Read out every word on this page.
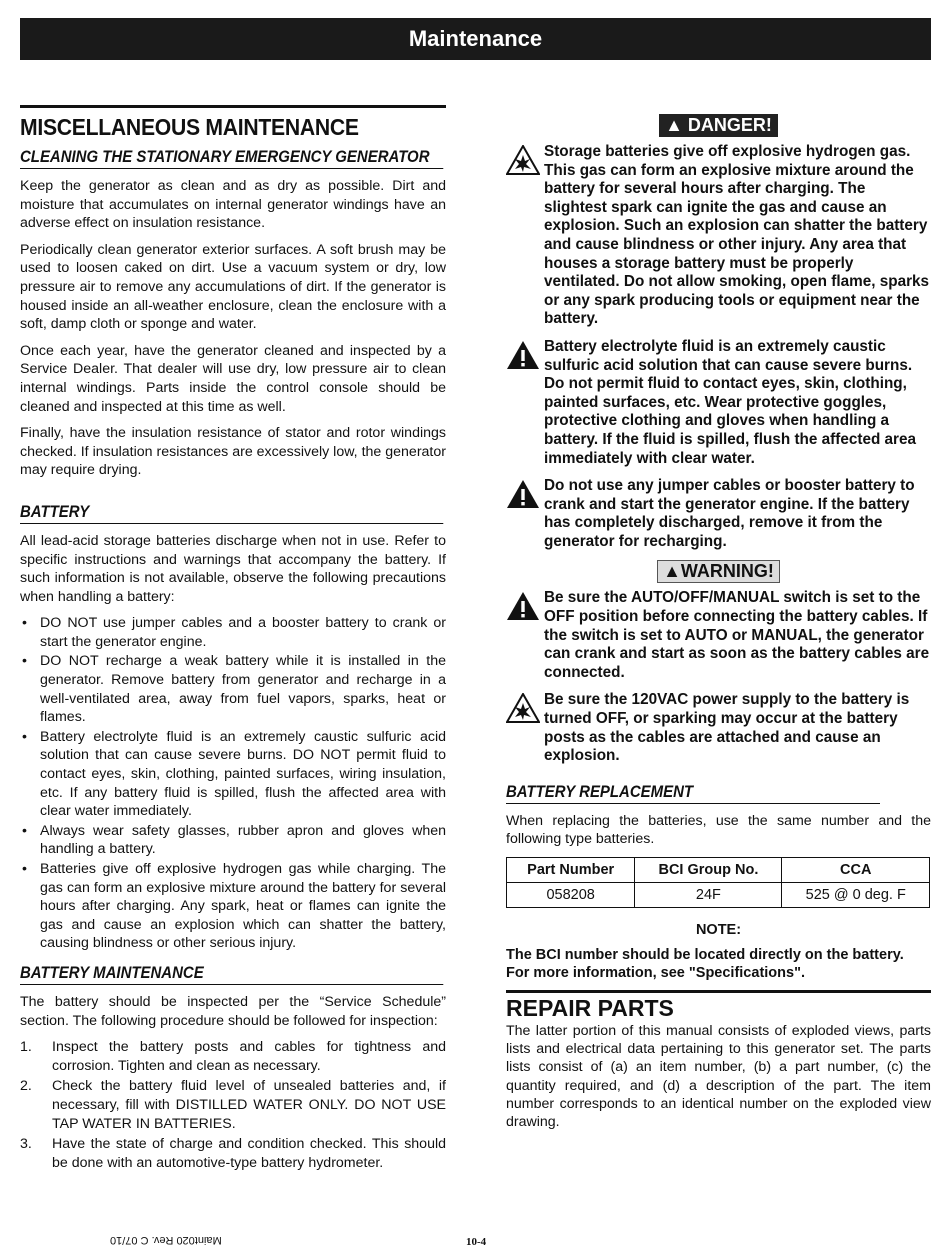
Maintenance
MISCELLANEOUS MAINTENANCE
CLEANING THE STATIONARY EMERGENCY GENERATOR

Keep the generator as clean and as dry as possible. Dirt and moisture that accumulates on internal generator windings have an adverse effect on insulation resistance.

Periodically clean generator exterior surfaces. A soft brush may be used to loosen caked on dirt. Use a vacuum system or dry, low pressure air to remove any accumulations of dirt. If the generator is housed inside an all-weather enclosure, clean the enclosure with a soft, damp cloth or sponge and water.

Once each year, have the generator cleaned and inspected by a Service Dealer. That dealer will use dry, low pressure air to clean internal windings. Parts inside the control console should be cleaned and inspected at this time as well.

Finally, have the insulation resistance of stator and rotor windings checked. If insulation resistances are excessively low, the generator may require drying.

BATTERY

All lead-acid storage batteries discharge when not in use. Refer to specific instructions and warnings that accompany the battery. If such information is not available, observe the following precautions when handling a battery:

• DO NOT use jumper cables and a booster battery to crank or start the generator engine.
• DO NOT recharge a weak battery while it is installed in the generator. Remove battery from generator and recharge in a well-ventilated area, away from fuel vapors, sparks, heat or flames.
• Battery electrolyte fluid is an extremely caustic sulfuric acid solution that can cause severe burns. DO NOT permit fluid to contact eyes, skin, clothing, painted surfaces, wiring insulation, etc. If any battery fluid is spilled, flush the affected area with clear water immediately.
• Always wear safety glasses, rubber apron and gloves when handling a battery.
• Batteries give off explosive hydrogen gas while charging. The gas can form an explosive mixture around the battery for several hours after charging. Any spark, heat or flames can ignite the gas and cause an explosion which can shatter the battery, causing blindness or other serious injury.
BATTERY MAINTENANCE

The battery should be inspected per the “Service Schedule” section. The following procedure should be followed for inspection:

1. Inspect the battery posts and cables for tightness and corrosion. Tighten and clean as necessary.
2. Check the battery fluid level of unsealed batteries and, if necessary, fill with DISTILLED WATER ONLY. DO NOT USE TAP WATER IN BATTERIES.
3. Have the state of charge and condition checked. This should be done with an automotive-type battery hydrometer.
▲ DANGER!
Storage batteries give off explosive hydrogen gas. This gas can form an explosive mixture around the battery for several hours after charging. The slightest spark can ignite the gas and cause an explosion. Such an explosion can shatter the battery and cause blindness or other injury. Any area that houses a storage battery must be properly ventilated. Do not allow smoking, open flame, sparks or any spark producing tools or equipment near the battery.
Battery electrolyte fluid is an extremely caustic sulfuric acid solution that can cause severe burns. Do not permit fluid to contact eyes, skin, clothing, painted surfaces, etc. Wear protective goggles, protective clothing and gloves when handling a battery. If the fluid is spilled, flush the affected area immediately with clear water.
Do not use any jumper cables or booster battery to crank and start the generator engine. If the battery has completely discharged, remove it from the generator for recharging.
▲WARNING!
Be sure the AUTO/OFF/MANUAL switch is set to the OFF position before connecting the battery cables. If the switch is set to AUTO or MANUAL, the generator can crank and start as soon as the battery cables are connected.
Be sure the 120VAC power supply to the battery is turned OFF, or sparking may occur at the battery posts as the cables are attached and cause an explosion.
BATTERY REPLACEMENT

When replacing the batteries, use the same number and the following type batteries.

Part Number	BCI Group No.	CCA
058208	24F	525 @ 0 deg. F
NOTE:
The BCI number should be located directly on the battery. For more information, see "Specifications".
REPAIR PARTS

The latter portion of this manual consists of exploded views, parts lists and electrical data pertaining to this generator set. The parts lists consist of (a) an item number, (b) a part number, (c) the quantity required, and (d) a description of the part. The item number corresponds to an identical number on the exploded view drawing.

Maint020 Rev. C 07/10	10-4
